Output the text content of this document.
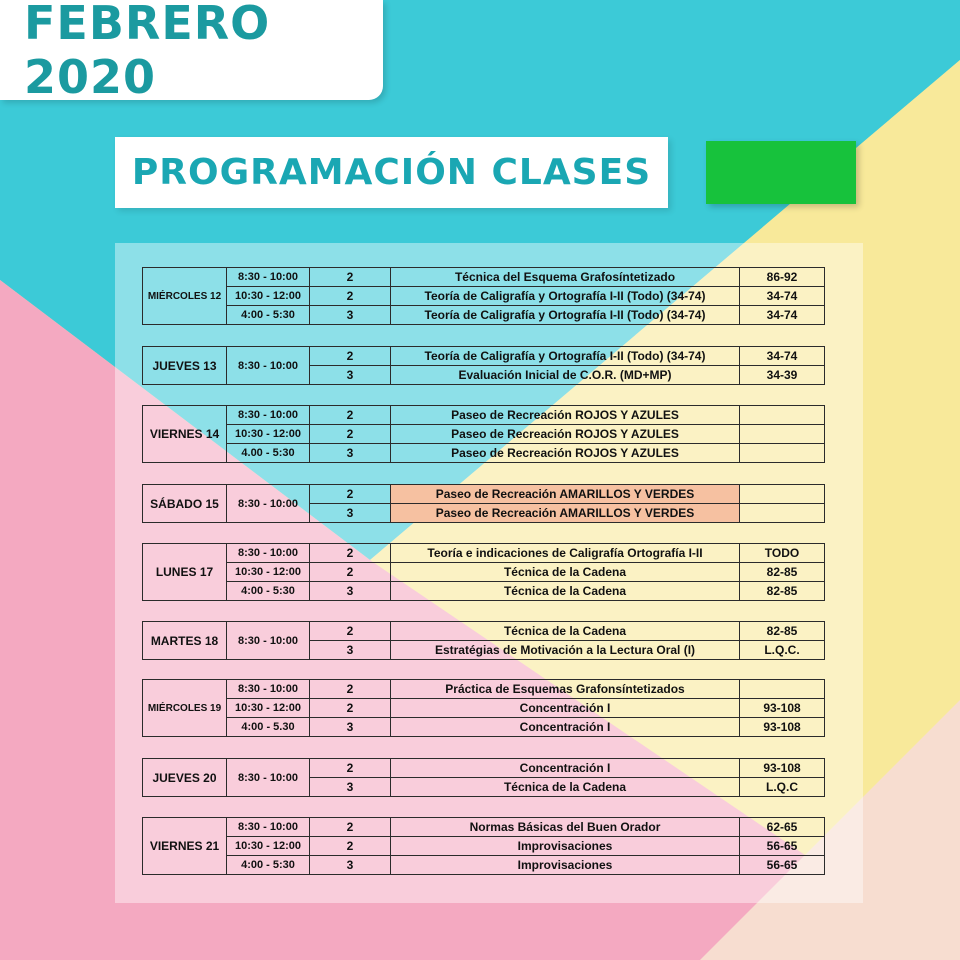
FEBRERO 2020
PROGRAMACIÓN CLASES
MIÉRCOLES 12	8:30 - 10:00	2	Técnica del Esquema Grafosíntetizado	86-92
	10:30 - 12:00	2	Teoría de Caligrafía y Ortografía I-II (Todo) (34-74)	34-74
	4:00 - 5:30	3	Teoría de Caligrafía y Ortografía I-II (Todo) (34-74)	34-74
JUEVES 13	8:30 - 10:00	2	Teoría de Caligrafía y Ortografía I-II (Todo) (34-74)	34-74
		3	Evaluación Inicial de C.O.R. (MD+MP)	34-39
VIERNES 14	8:30 - 10:00	2	Paseo de Recreación ROJOS Y AZULES	
	10:30 - 12:00	2	Paseo de Recreación ROJOS Y AZULES	
	4.00 - 5:30	3	Paseo de Recreación ROJOS Y AZULES	
SÁBADO 15	8:30 - 10:00	2	Paseo de Recreación AMARILLOS Y VERDES	
		3	Paseo de Recreación AMARILLOS Y VERDES	
LUNES 17	8:30 - 10:00	2	Teoría e indicaciones de Caligrafía Ortografía I-II	TODO
	10:30 - 12:00	2	Técnica de la Cadena	82-85
	4:00 - 5:30	3	Técnica de la Cadena	82-85
MARTES 18	8:30 - 10:00	2	Técnica de la Cadena	82-85
		3	Estratégias de Motivación a la Lectura Oral (I)	L.Q.C.
MIÉRCOLES 19	8:30 - 10:00	2	Práctica de Esquemas Grafonsíntetizados	
	10:30 - 12:00	2	Concentración I	93-108
	4:00 - 5.30	3	Concentración I	93-108
JUEVES 20	8:30 - 10:00	2	Concentración I	93-108
		3	Técnica de la Cadena	L.Q.C
VIERNES 21	8:30 - 10:00	2	Normas Básicas del Buen Orador	62-65
	10:30 - 12:00	2	Improvisaciones	56-65
	4:00 - 5:30	3	Improvisaciones	56-65
